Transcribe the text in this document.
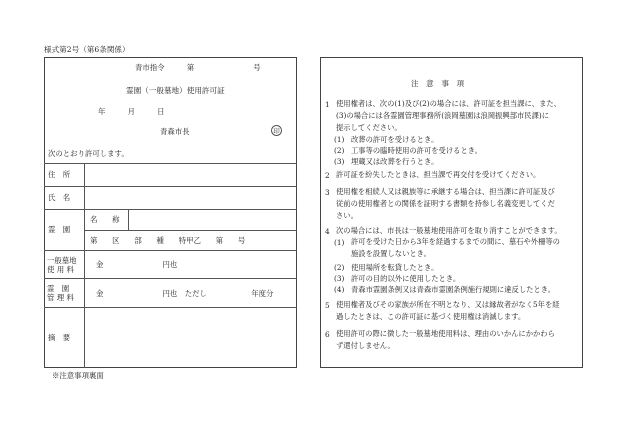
様式第2号（第6条関係）
青市指令　　　第　　　　　　　　号
霊園（一般墓地）使用許可証
年　　　月　　　日
青森市長	印
次のとおり許可します。
住　所
氏　名
霊　園
一般墓地
使 用 料
霊　園
管 理 料
摘　要
名　　称
第　　区　　部　　種　　特甲乙　　第　　号
金　　　　　　　　円也
金　　　　　　　　円也　ただし　　　　　　年度分
※注意事項裏面
注　意　事　項
1 使用権者は、次の(1)及び(2)の場合には、許可証を担当課に、また、
(3)の場合には各霊園管理事務所(浪岡墓園は浪岡振興部市民課)に
提示してください。
(1) 改葬の許可を受けるとき。
(2) 工事等の臨時使用の許可を受けるとき。
(3) 埋蔵又は改葬を行うとき。
2 許可証を紛失したときは、担当課で再交付を受けてください。
3 使用権を相続人又は親族等に承継する場合は、担当課に許可証及び
従前の使用権者との関係を証明する書類を持参し名義変更してくだ
さい。
4 次の場合には、市長は一般墓地使用許可を取り消すことができます。
(1) 許可を受けた日から3年を経過するまでの間に、墓石や外柵等の
施設を設置しないとき。
(2) 使用場所を転貸したとき。
(3) 許可の目的以外に使用したとき。
(4) 青森市霊園条例又は青森市霊園条例施行規則に違反したとき。
5 使用権者及びその家族が所在不明となり、又は縁故者がなく5年を経
過したときは、この許可証に基づく使用権は消滅します。
6 使用許可の際に徴した一般墓地使用料は、理由のいかんにかかわら
ず還付しません。
